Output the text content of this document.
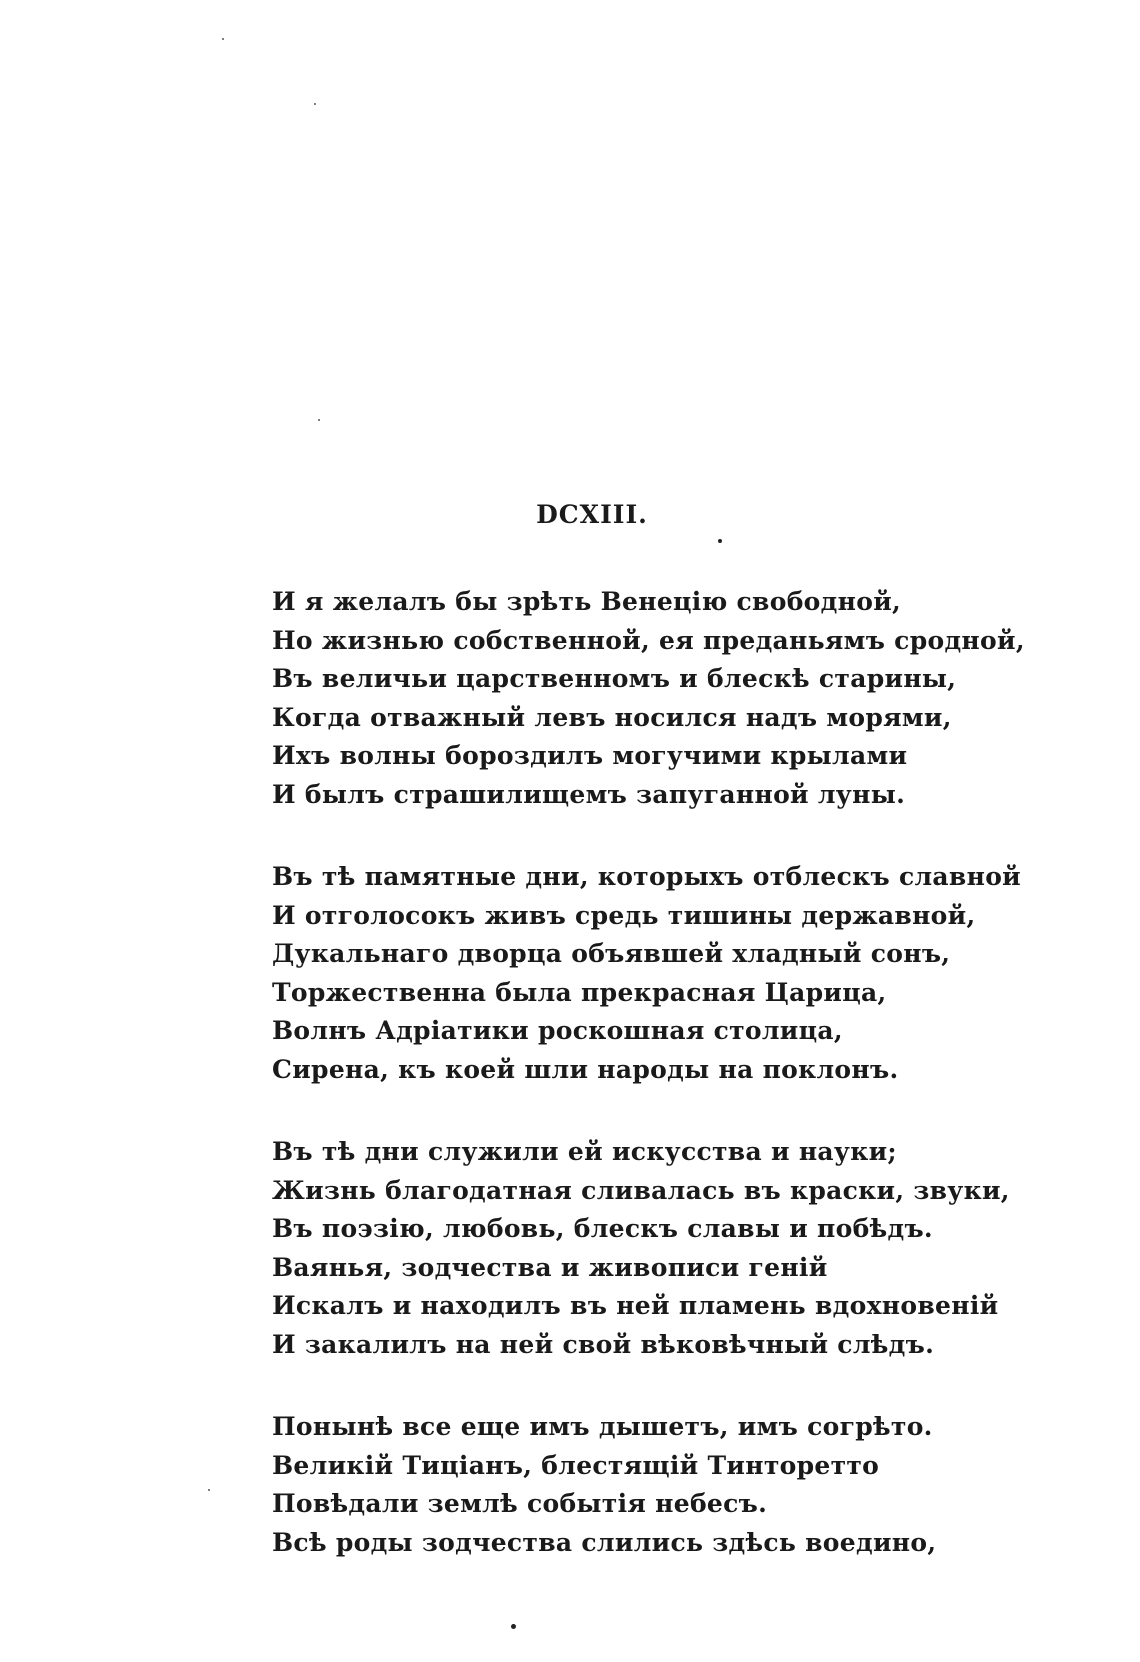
DCXIII.
И я желалъ бы зрѣть Венецію свободной,
Но жизнью собственной, ея преданьямъ сродной,
Въ величьи царственномъ и блескѣ старины,
Когда отважный левъ носился надъ морями,
Ихъ волны бороздилъ могучими крылами
И былъ страшилищемъ запуганной луны.
Въ тѣ памятные дни, которыхъ отблескъ славной
И отголосокъ живъ средь тишины державной,
Дукальнаго дворца объявшей хладный сонъ,
Торжественна была прекрасная Царица,
Волнъ Адріатики роскошная столица,
Сирена, къ коей шли народы на поклонъ.
Въ тѣ дни служили ей искусства и науки;
Жизнь благодатная сливалась въ краски, звуки,
Въ поэзію, любовь, блескъ славы и побѣдъ.
Ваянья, зодчества и живописи геній
Искалъ и находилъ въ ней пламень вдохновеній
И закалилъ на ней свой вѣковѣчный слѣдъ.
Понынѣ все еще имъ дышетъ, имъ согрѣто.
Великій Тиціанъ, блестящій Тинторетто
Повѣдали землѣ событія небесъ.
Всѣ роды зодчества слились здѣсь воедино,
